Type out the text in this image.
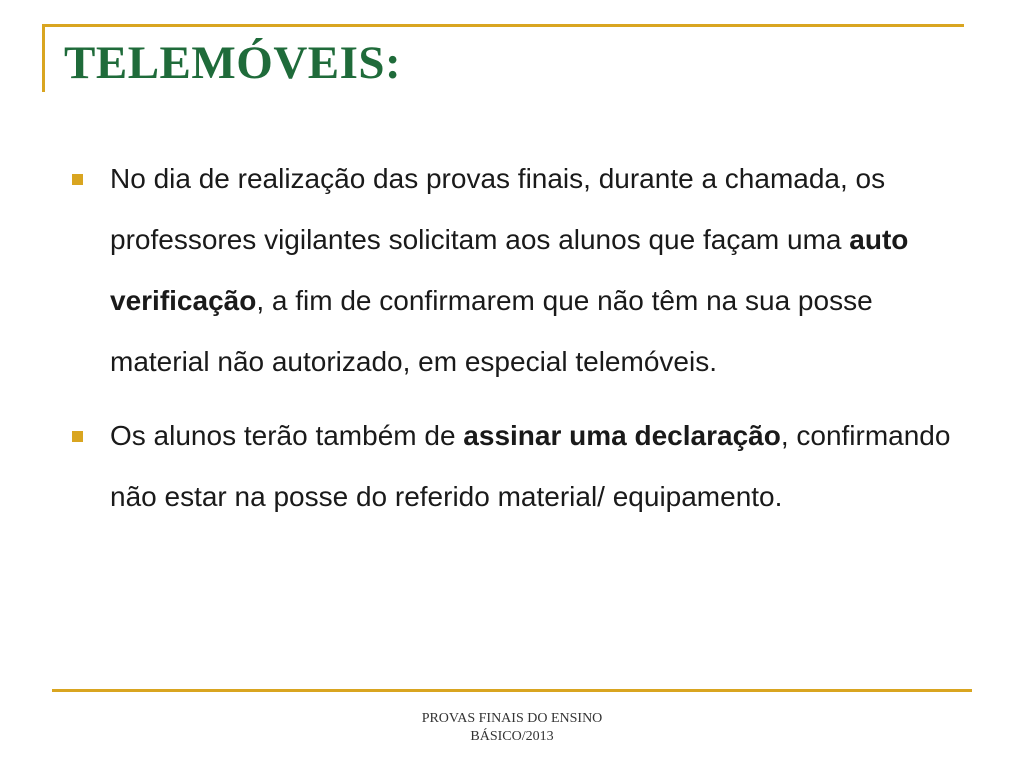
TELEMÓVEIS:
No dia de realização das provas finais, durante a chamada, os professores vigilantes solicitam aos alunos que façam uma auto verificação, a fim de confirmarem que não têm na sua posse material não autorizado, em especial telemóveis.
Os alunos terão também de assinar uma declaração, confirmando não estar na posse do referido material/ equipamento.
PROVAS FINAIS DO ENSINO
BÁSICO/2013
